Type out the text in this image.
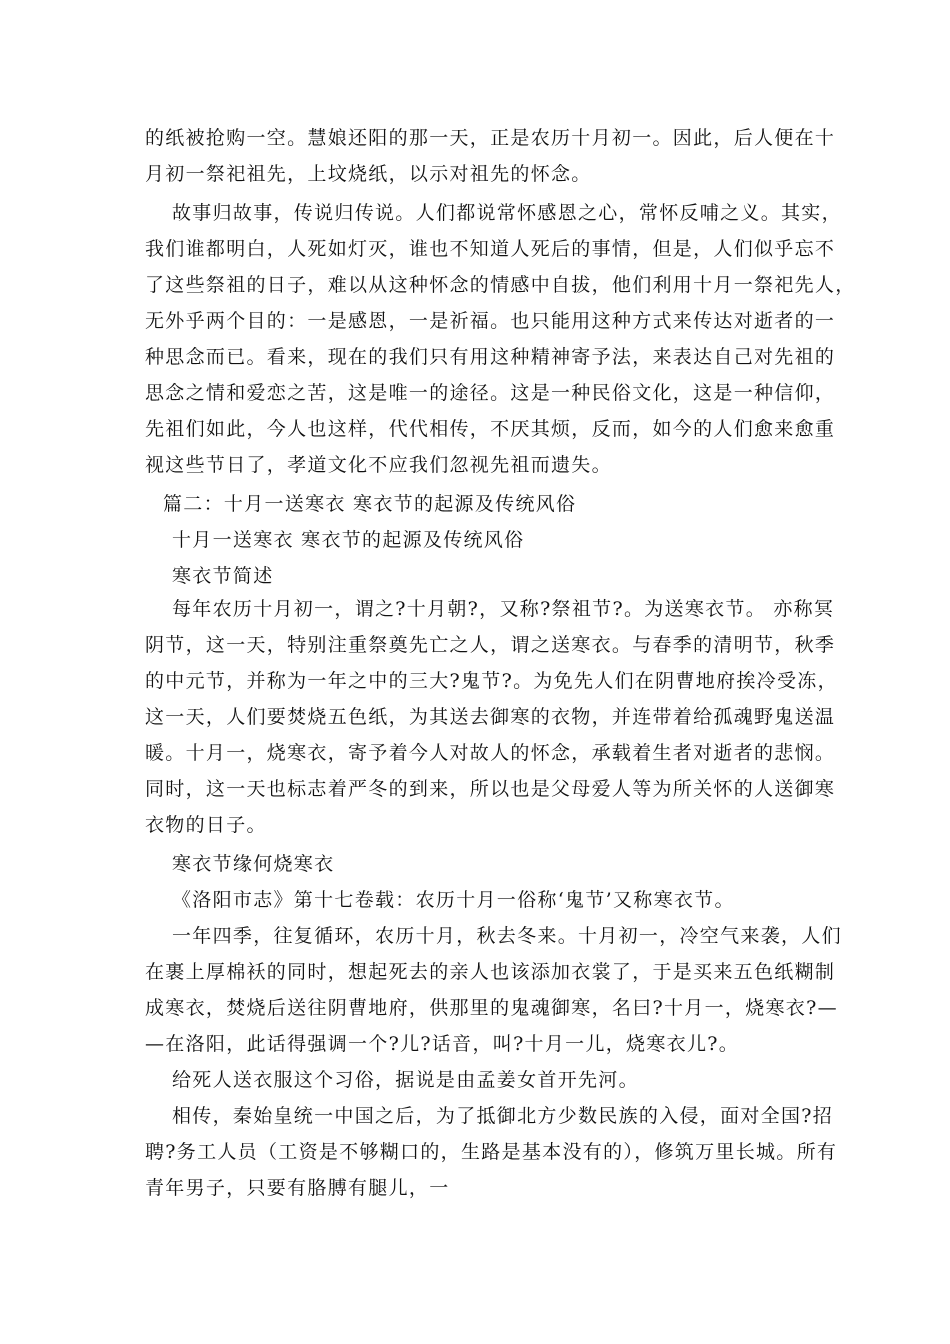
的纸被抢购一空。慧娘还阳的那一天，正是农历十月初一。因此，后人便在十
月初一祭祀祖先，上坟烧纸，以示对祖先的怀念。
故事归故事，传说归传说。人们都说常怀感恩之心，常怀反哺之义。其实，
我们谁都明白，人死如灯灭，谁也不知道人死后的事情，但是，人们似乎忘不
了这些祭祖的日子，难以从这种怀念的情感中自拔，他们利用十月一祭祀先人，
无外乎两个目的：一是感恩，一是祈福。也只能用这种方式来传达对逝者的一
种思念而已。看来，现在的我们只有用这种精神寄予法，来表达自己对先祖的
思念之情和爱恋之苦，这是唯一的途径。这是一种民俗文化，这是一种信仰，
先祖们如此，今人也这样，代代相传，不厌其烦，反而，如今的人们愈来愈重
视这些节日了，孝道文化不应我们忽视先祖而遗失。
篇二：十月一送寒衣 寒衣节的起源及传统风俗
十月一送寒衣 寒衣节的起源及传统风俗
寒衣节简述
每年农历十月初一，谓之?十月朝?，又称?祭祖节?。为送寒衣节。 亦称冥
阴节，这一天，特别注重祭奠先亡之人，谓之送寒衣。与春季的清明节，秋季
的中元节，并称为一年之中的三大?鬼节?。为免先人们在阴曹地府挨冷受冻，
这一天，人们要焚烧五色纸，为其送去御寒的衣物，并连带着给孤魂野鬼送温
暖。十月一，烧寒衣，寄予着今人对故人的怀念，承载着生者对逝者的悲悯。
同时，这一天也标志着严冬的到来，所以也是父母爱人等为所关怀的人送御寒
衣物的日子。
寒衣节缘何烧寒衣
《洛阳市志》第十七卷载：农历十月一俗称‘鬼节’又称寒衣节。
一年四季，往复循环，农历十月，秋去冬来。十月初一，冷空气来袭，人们
在裹上厚棉袄的同时，想起死去的亲人也该添加衣裳了，于是买来五色纸糊制
成寒衣，焚烧后送往阴曹地府，供那里的鬼魂御寒，名曰?十月一，烧寒衣?—
—在洛阳，此话得强调一个?儿?话音，叫?十月一儿，烧寒衣儿?。
给死人送衣服这个习俗，据说是由孟姜女首开先河。
相传，秦始皇统一中国之后，为了抵御北方少数民族的入侵，面对全国?招
聘?务工人员（工资是不够糊口的，生路是基本没有的），修筑万里长城。所有
青年男子，只要有胳膊有腿儿，一
